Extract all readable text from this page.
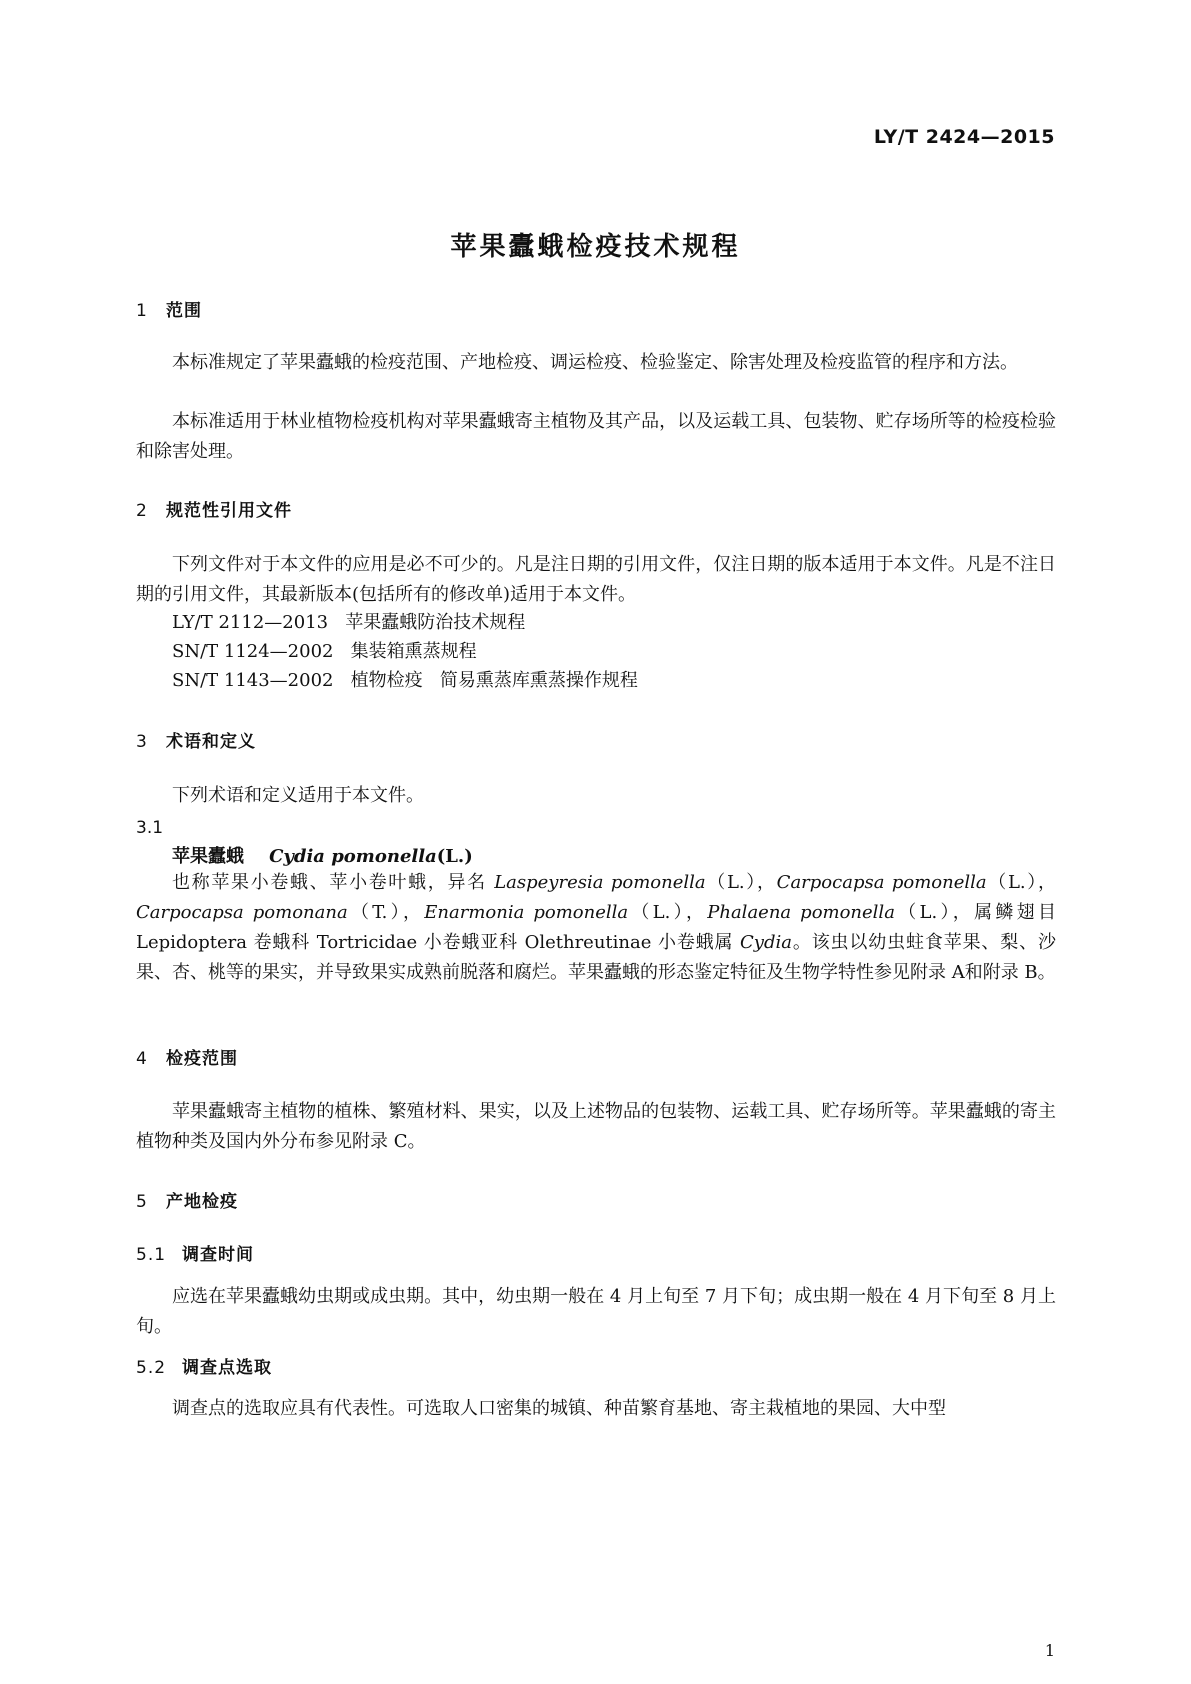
LY/T 2424—2015
苹果蠹蛾检疫技术规程
1 范围
本标准规定了苹果蠹蛾的检疫范围、产地检疫、调运检疫、检验鉴定、除害处理及检疫监管的程序和方法。
本标准适用于林业植物检疫机构对苹果蠹蛾寄主植物及其产品，以及运载工具、包装物、贮存场所等的检疫检验和除害处理。
2 规范性引用文件
下列文件对于本文件的应用是必不可少的。凡是注日期的引用文件，仅注日期的版本适用于本文件。凡是不注日期的引用文件，其最新版本(包括所有的修改单)适用于本文件。
LY/T 2112—2013   苹果蠹蛾防治技术规程
SN/T 1124—2002   集装箱熏蒸规程
SN/T 1143—2002   植物检疫   简易熏蒸库熏蒸操作规程
3 术语和定义
下列术语和定义适用于本文件。
3.1
苹果蠹蛾 Cydia pomonella(L.)
也称苹果小卷蛾、苹小卷叶蛾，异名 Laspeyresia pomonella（L.），Carpocapsa pomonella（L.），Carpocapsa pomonana（T.），Enarmonia pomonella（L.），Phalaena pomonella（L.），属鳞翅目 Lepidoptera 卷蛾科 Tortricidae 小卷蛾亚科 Olethreutinae 小卷蛾属 Cydia。该虫以幼虫蛀食苹果、梨、沙果、杏、桃等的果实，并导致果实成熟前脱落和腐烂。苹果蠹蛾的形态鉴定特征及生物学特性参见附录 A和附录 B。
4 检疫范围
苹果蠹蛾寄主植物的植株、繁殖材料、果实，以及上述物品的包装物、运载工具、贮存场所等。苹果蠹蛾的寄主植物种类及国内外分布参见附录 C。
5 产地检疫
5.1 调查时间
应选在苹果蠹蛾幼虫期或成虫期。其中，幼虫期一般在 4 月上旬至 7 月下旬；成虫期一般在 4 月下旬至 8 月上旬。
5.2 调查点选取
调查点的选取应具有代表性。可选取人口密集的城镇、种苗繁育基地、寄主栽植地的果园、大中型
1
